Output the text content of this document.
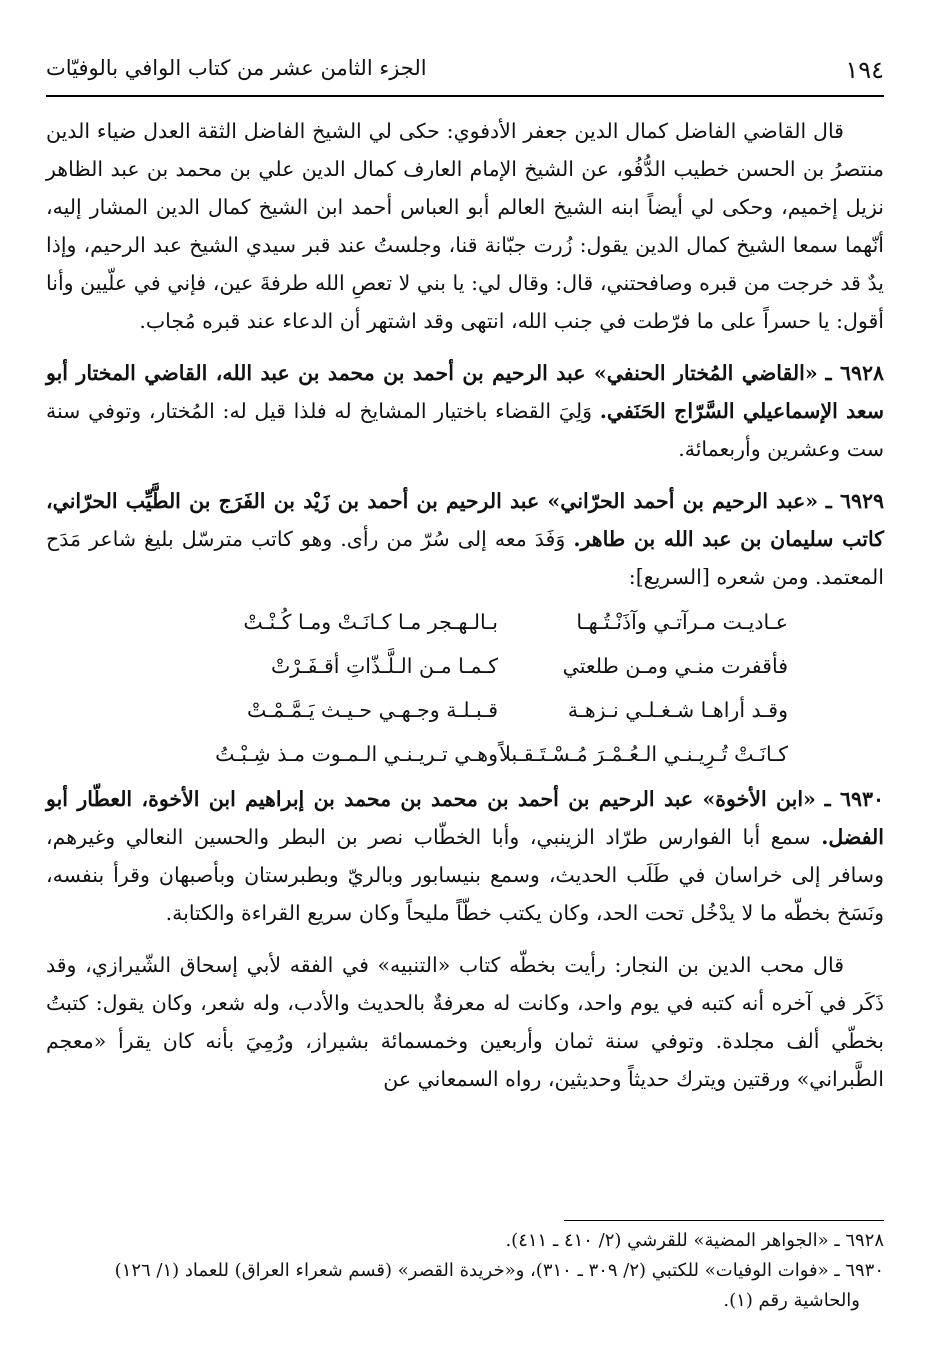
١٩٤
الجزء الثامن عشر من كتاب الوافي بالوفيّات

قال القاضي الفاضل كمال الدين جعفر الأدفوي: حكى لي الشيخ الفاضل الثقة العدل ضياء الدين منتصرُ بن الحسن خطيب الدُّفُو، عن الشيخ الإمام العارف كمال الدين علي بن محمد بن عبد الظاهر نزيل إخميم، وحكى لي أيضاً ابنه الشيخ العالم أبو العباس أحمد ابن الشيخ كمال الدين المشار إليه، أنّهما سمعا الشيخ كمال الدين يقول: زُرت جبّانة قنا، وجلستُ عند قبر سيدي الشيخ عبد الرحيم، وإذا يدٌ قد خرجت من قبره وصافحتني، قال: وقال لي: يا بني لا تعصِ الله طرفةَ عين، فإني في علّيين وأنا أقول: يا حسراً على ما فرّطت في جنب الله، انتهى وقد اشتهر أن الدعاء عند قبره مُجاب.

٦٩٢٨ ـ «القاضي المُختار الحنفي» عبد الرحيم بن أحمد بن محمد بن عبد الله، القاضي المختار أبو سعد الإسماعيلي السَّرّاج الحَنَفي. وَلِيَ القضاء باختيار المشايخ له فلذا قيل له: المُختار، وتوفي سنة ست وعشرين وأربعمائة.

٦٩٢٩ ـ «عبد الرحيم بن أحمد الحرّاني» عبد الرحيم بن أحمد بن زَيْد بن الفَرَج بن الطَّيِّب الحرّاني، كاتب سليمان بن عبد الله بن طاهر. وَفَدَ معه إلى سُرّ من رأى. وهو كاتب مترسّل بليغ شاعر مَدَح المعتمد. ومن شعره [السريع]:

عـاديـت مـرآتـي وآذَنْـتُـهـا
بـالـهـجر مـا كـانَـتْ ومـا كُـنْـتْ
فأقفرت منـي ومـن طلعتي
كـمـا مـن الـلَّـذّاتِ أقـفَـرْتْ
وقـد أراهـا شـغـلـي نـزهـة
قـبـلـة وجـهـي حـيـث يَـمَّـمْـتْ
كـانَـتْ تُـرِيـنـي الـعُـمْـرَ مُـسْـتَـقـبلاً
وهـي تـريـنـي الـمـوت مـذ شِـبْـتُ

٦٩٣٠ ـ «ابن الأخوة» عبد الرحيم بن أحمد بن محمد بن محمد بن إبراهيم ابن الأخوة، العطّار أبو الفضل. سمع أبا الفوارس طرّاد الزينبي، وأبا الخطّاب نصر بن البطر والحسين النعالي وغيرهم، وسافر إلى خراسان في طَلَب الحديث، وسمع بنيسابور وبالريّ وبطبرستان وبأصبهان وقرأ بنفسه، ونَسَخ بخطّه ما لا يدْخُل تحت الحد، وكان يكتب خطّاً مليحاً وكان سريع القراءة والكتابة.

قال محب الدين بن النجار: رأيت بخطّه كتاب «التنبيه» في الفقه لأبي إسحاق الشّيرازي، وقد ذَكَر في آخره أنه كتبه في يوم واحد، وكانت له معرفةٌ بالحديث والأدب، وله شعر، وكان يقول: كتبتُ بخطّي ألف مجلدة. وتوفي سنة ثمان وأربعين وخمسمائة بشيراز، ورُمِيَ بأنه كان يقرأ «معجم الطَّبراني» ورقتين ويترك حديثاً وحديثين، رواه السمعاني عن

٦٩٢٨ ـ «الجواهر المضية» للقرشي (٢/ ٤١٠ ـ ٤١١).

٦٩٣٠ ـ «فوات الوفيات» للكتبي (٢/ ٣٠٩ ـ ٣١٠)، و«خريدة القصر» (قسم شعراء العراق) للعماد (١/ ١٢٦)

والحاشية رقم (١).
